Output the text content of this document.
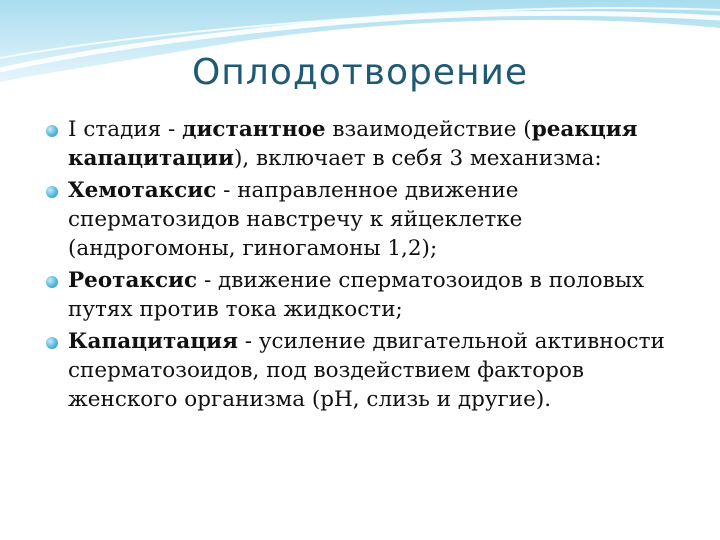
Оплодотворение
I стадия - дистантное взаимодействие (реакция капацитации), включает в себя 3 механизма:
Хемотаксис - направленное движение сперматозидов навстречу к яйцеклетке (андрогомоны, гиногамоны 1,2);
Реотаксис - движение сперматозоидов в половых путях против тока жидкости;
Капацитация - усиление двигательной активности сперматозоидов, под воздействием факторов женского организма (pH, слизь и другие).
